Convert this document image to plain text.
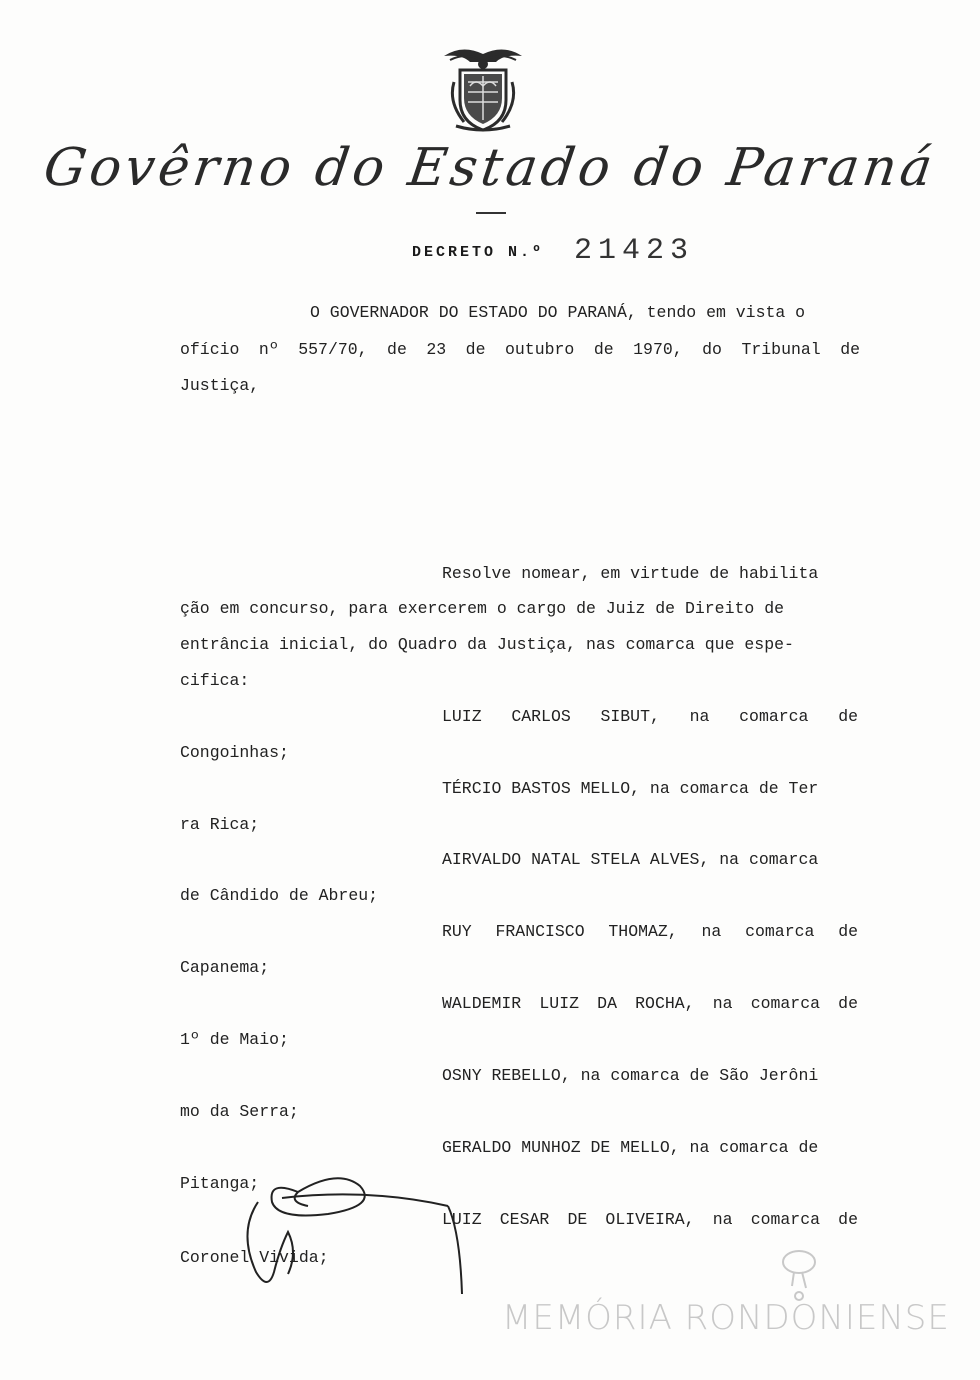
Govêrno do Estado do Paraná
DECRETO N.º 21423
O GOVERNADOR DO ESTADO DO PARANÁ, tendo em vista o
ofício nº 557/70, de 23 de outubro de 1970, do Tribunal de
Justiça,
Resolve nomear, em virtude de habilita
ção em concurso, para exercerem o cargo de Juiz de Direito de
entrância inicial, do Quadro da Justiça, nas comarca que espe-
cifica:
LUIZ CARLOS SIBUT, na comarca de
Congoinhas;
TÉRCIO BASTOS MELLO, na comarca de Ter
ra Rica;
AIRVALDO NATAL STELA ALVES, na comarca
de Cândido de Abreu;
RUY FRANCISCO THOMAZ, na comarca de
Capanema;
WALDEMIR LUIZ DA ROCHA, na comarca de
1º de Maio;
OSNY REBELLO, na comarca de São Jerôni
mo da Serra;
GERALDO MUNHOZ DE MELLO, na comarca de
Pitanga;
LUIZ CESAR DE OLIVEIRA, na comarca de
Coronel Vivida;
MEMÓRIA RONDONIENSE
